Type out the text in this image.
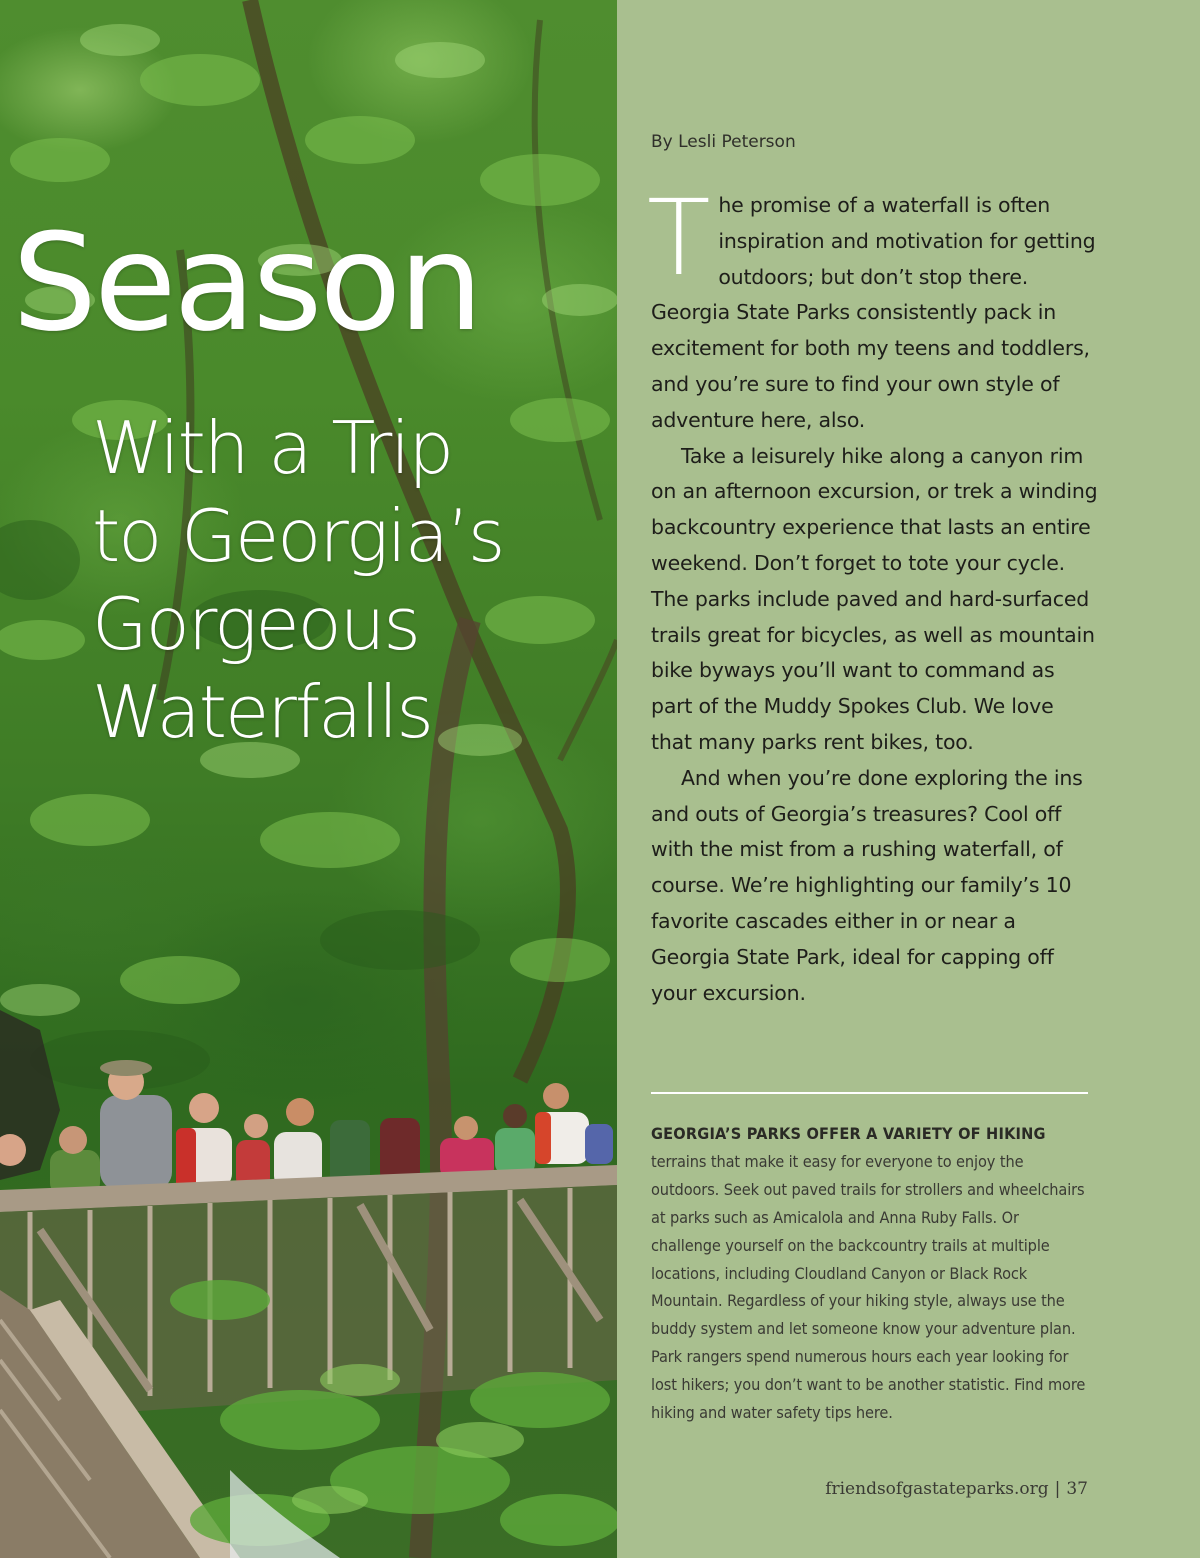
Season
With a Trip
to Georgia’s
Gorgeous
Waterfalls
By Lesli Peterson

The promise of a waterfall is often inspiration and motivation for getting outdoors; but don’t stop there. Georgia State Parks consistently pack in excitement for both my teens and toddlers, and you’re sure to find your own style of adventure here, also.

Take a leisurely hike along a canyon rim on an afternoon excursion, or trek a winding backcountry experience that lasts an entire weekend. Don’t forget to tote your cycle. The parks include paved and hard-surfaced trails great for bicycles, as well as mountain bike byways you’ll want to command as part of the Muddy Spokes Club. We love that many parks rent bikes, too.

And when you’re done exploring the ins and outs of Georgia’s treasures? Cool off with the mist from a rushing waterfall, of course. We’re highlighting our family’s 10 favorite cascades either in or near a Georgia State Park, ideal for capping off your excursion.

GEORGIA’S PARKS OFFER A VARIETY OF HIKING terrains that make it easy for everyone to enjoy the outdoors. Seek out paved trails for strollers and wheelchairs at parks such as Amicalola and Anna Ruby Falls. Or challenge yourself on the backcountry trails at multiple locations, including Cloudland Canyon or Black Rock Mountain. Regardless of your hiking style, always use the buddy system and let someone know your adventure plan. Park rangers spend numerous hours each year looking for lost hikers; you don’t want to be another statistic. Find more hiking and water safety tips here.
friendsofgastateparks.org | 37
